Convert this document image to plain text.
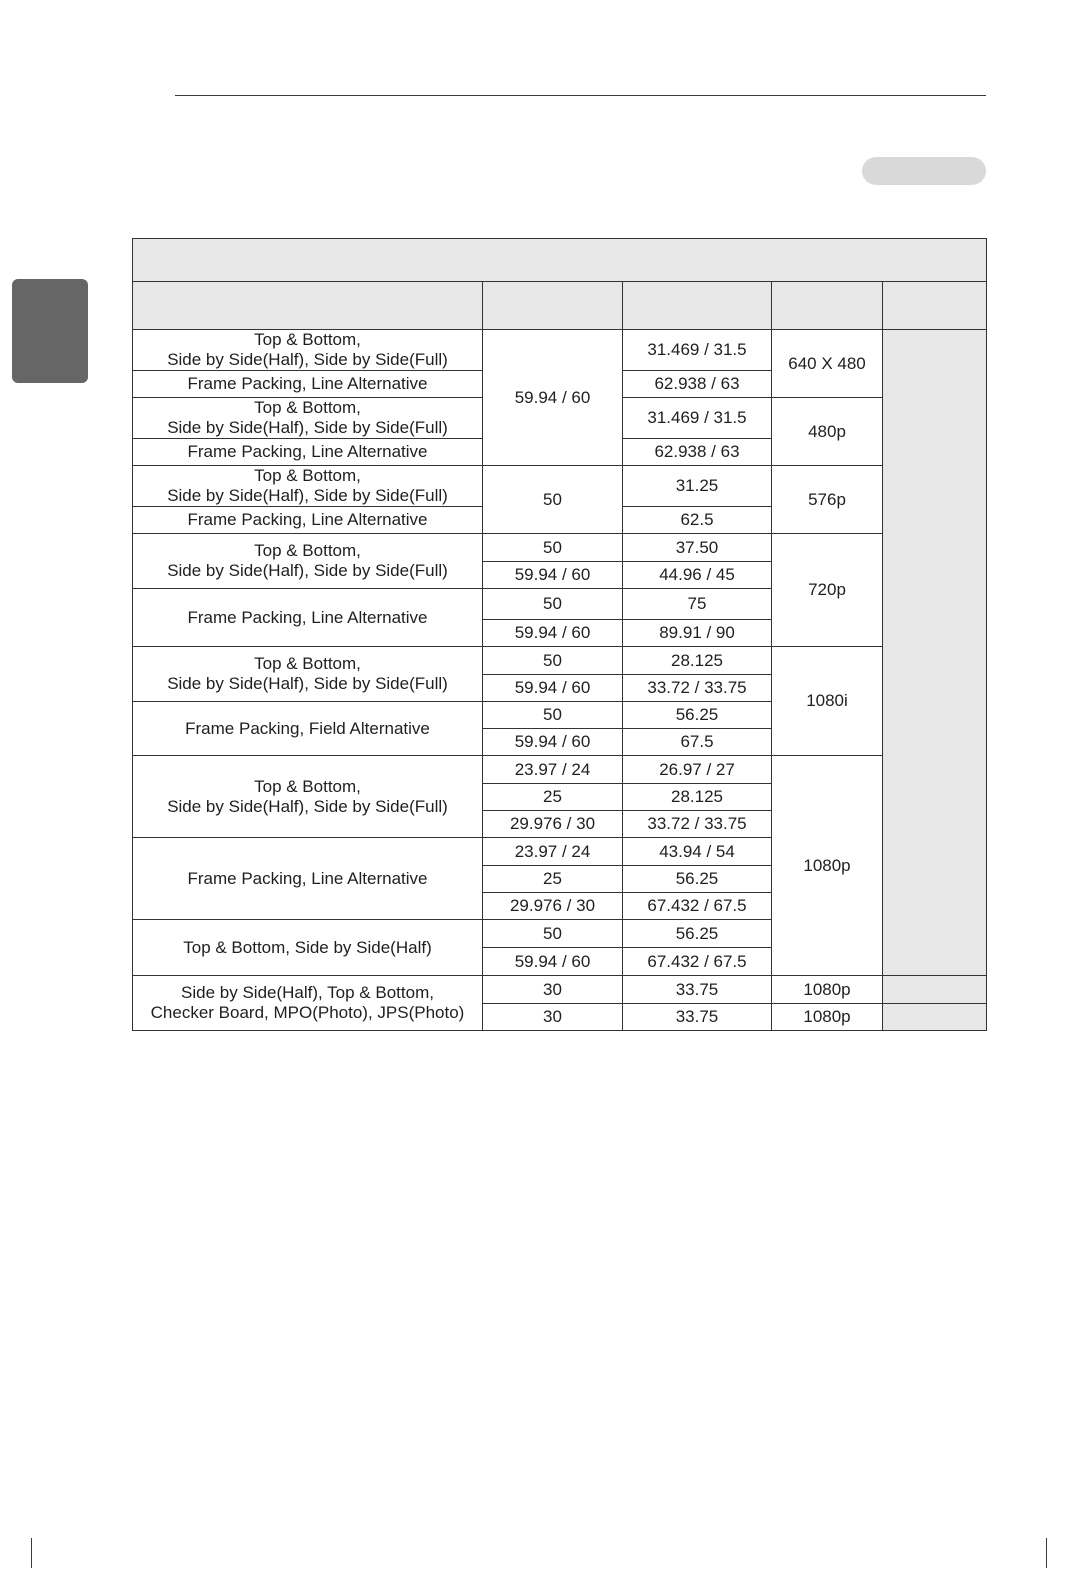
Top & Bottom,
Side by Side(Half), Side by Side(Full)	59.94 / 60	31.469 / 31.5	640 X 480	
Frame Packing, Line Alternative		62.938 / 63		
Top & Bottom,
Side by Side(Half), Side by Side(Full)		31.469 / 31.5	480p	
Frame Packing, Line Alternative		62.938 / 63		
Top & Bottom,
Side by Side(Half), Side by Side(Full)	50	31.25	576p	
Frame Packing, Line Alternative		62.5		
Top & Bottom,
Side by Side(Half), Side by Side(Full)	50	37.50	720p	
	59.94 / 60	44.96 / 45		
Frame Packing, Line Alternative	50	75		
	59.94 / 60	89.91 / 90		
Top & Bottom,
Side by Side(Half), Side by Side(Full)	50	28.125	1080i	
	59.94 / 60	33.72 / 33.75		
Frame Packing, Field Alternative	50	56.25		
	59.94 / 60	67.5		
Top & Bottom,
Side by Side(Half), Side by Side(Full)	23.97 / 24	26.97 / 27	1080p	
	25	28.125		
	29.976 / 30	33.72 / 33.75		
Frame Packing, Line Alternative	23.97 / 24	43.94 / 54		
	25	56.25		
	29.976 / 30	67.432 / 67.5		
Top & Bottom, Side by Side(Half)	50	56.25		
	59.94 / 60	67.432 / 67.5		
Side by Side(Half), Top & Bottom,
Checker Board, MPO(Photo), JPS(Photo)	30	33.75	1080p	
	30	33.75	1080p	
